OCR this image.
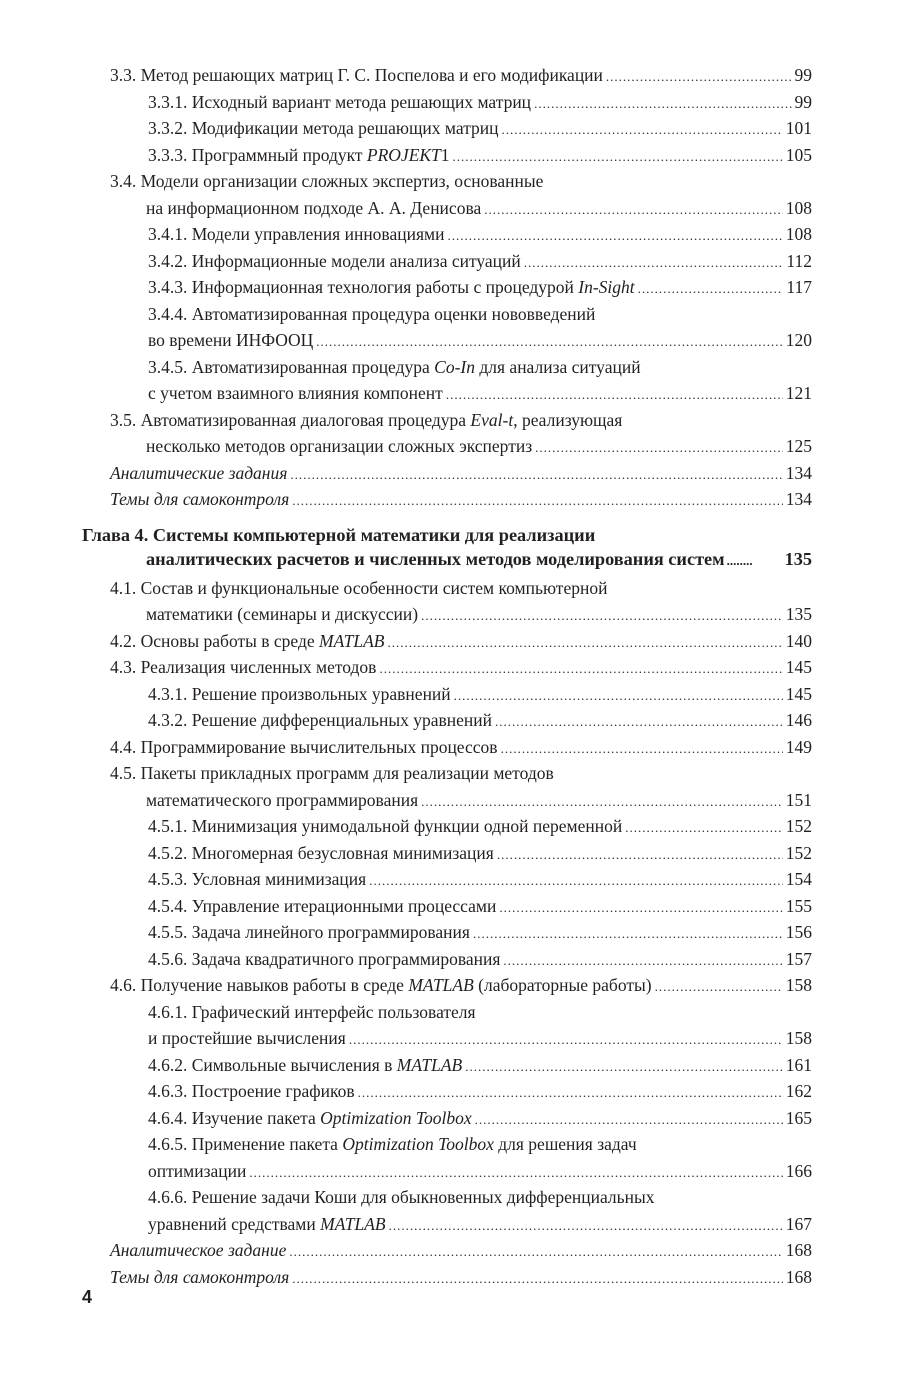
3.3. Метод решающих матриц Г. С. Поспелова и его модификации .....	99
3.3.1. Исходный вариант метода решающих матриц .....	99
3.3.2. Модификации метода решающих матриц .....	101
3.3.3. Программный продукт PROJEKT1 .....	105
3.4. Модели организации сложных экспертиз, основанные
на информационном подходе А. А. Денисова .....	108
3.4.1. Модели управления инновациями .....	108
3.4.2. Информационные модели анализа ситуаций .....	112
3.4.3. Информационная технология работы с процедурой In-Sight .....	117
3.4.4. Автоматизированная процедура оценки нововведений
во времени ИНФООЦ .....	120
3.4.5. Автоматизированная процедура Co-In для анализа ситуаций
с учетом взаимного влияния компонент .....	121
3.5. Автоматизированная диалоговая процедура Eval-t, реализующая
несколько методов организации сложных экспертиз .....	125
Аналитические задания .....	134
Темы для самоконтроля .....	134
Глава 4. Системы компьютерной математики для реализации
аналитических расчетов и численных методов моделирования систем ........	135
4.1. Состав и функциональные особенности систем компьютерной
математики (семинары и дискуссии) .....	135
4.2. Основы работы в среде MATLAB .....	140
4.3. Реализация численных методов .....	145
4.3.1. Решение произвольных уравнений .....	145
4.3.2. Решение дифференциальных уравнений .....	146
4.4. Программирование вычислительных процессов .....	149
4.5. Пакеты прикладных программ для реализации методов
математического программирования .....	151
4.5.1. Минимизация унимодальной функции одной переменной .....	152
4.5.2. Многомерная безусловная минимизация .....	152
4.5.3. Условная минимизация .....	154
4.5.4. Управление итерационными процессами .....	155
4.5.5. Задача линейного программирования .....	156
4.5.6. Задача квадратичного программирования .....	157
4.6. Получение навыков работы в среде MATLAB (лабораторные работы) .....	158
4.6.1. Графический интерфейс пользователя
и простейшие вычисления .....	158
4.6.2. Символьные вычисления в MATLAB .....	161
4.6.3. Построение графиков .....	162
4.6.4. Изучение пакета Optimization Toolbox .....	165
4.6.5. Применение пакета Optimization Toolbox для решения задач
оптимизации .....	166
4.6.6. Решение задачи Коши для обыкновенных дифференциальных
уравнений средствами MATLAB .....	167
Аналитическое задание .....	168
Темы для самоконтроля .....	168
4
